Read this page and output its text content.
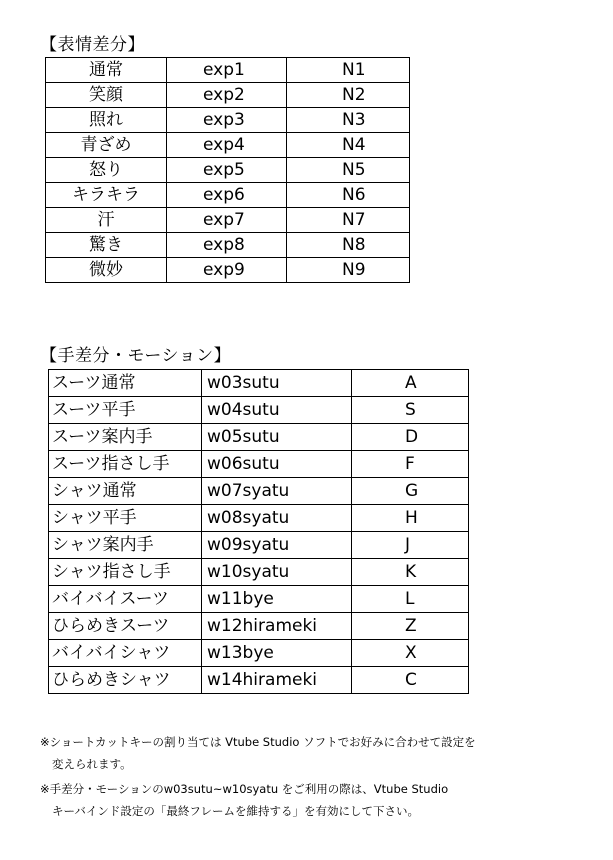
【表情差分】
通常	exp1	N1
笑顔	exp2	N2
照れ	exp3	N3
青ざめ	exp4	N4
怒り	exp5	N5
キラキラ	exp6	N6
汗	exp7	N7
驚き	exp8	N8
微妙	exp9	N9
【手差分・モーション】
スーツ通常	w03sutu	A
スーツ平手	w04sutu	S
スーツ案内手	w05sutu	D
スーツ指さし手	w06sutu	F
シャツ通常	w07syatu	G
シャツ平手	w08syatu	H
シャツ案内手	w09syatu	J
シャツ指さし手	w10syatu	K
バイバイスーツ	w11bye	L
ひらめきスーツ	w12hirameki	Z
バイバイシャツ	w13bye	X
ひらめきシャツ	w14hirameki	C
※ショートカットキーの割り当ては Vtube Studio ソフトでお好みに合わせて設定を
変えられます。
※手差分・モーションのw03sutu~w10syatu をご利用の際は、Vtube Studio
キーバインド設定の「最終フレームを維持する」を有効にして下さい。
